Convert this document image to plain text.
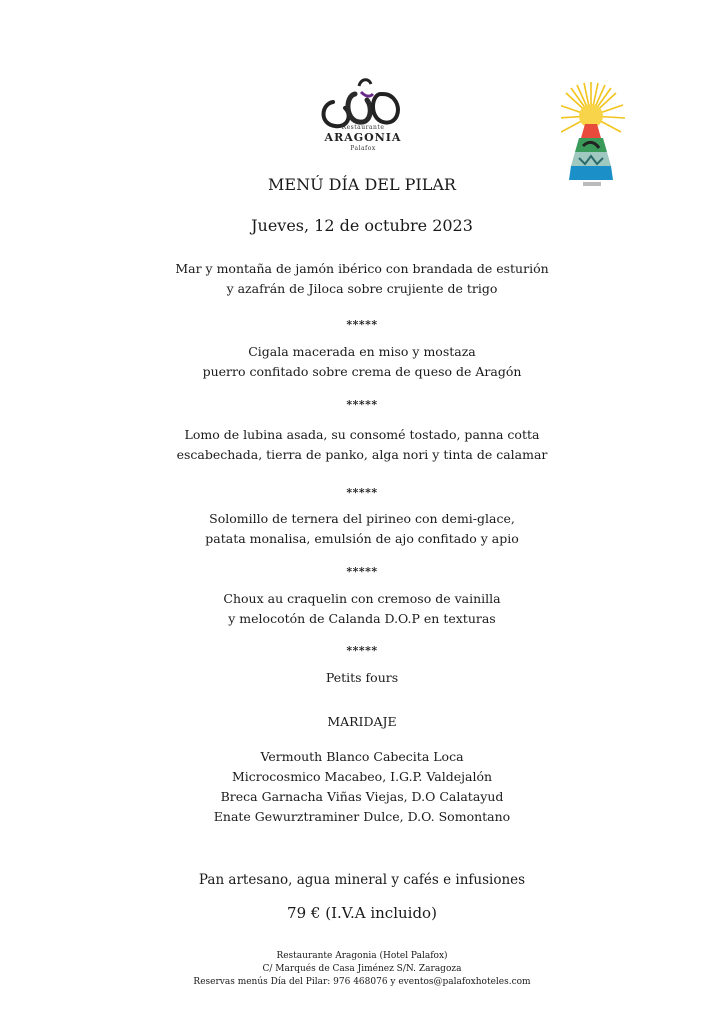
Restaurante
ARAGONIA
Palafox
MENÚ DÍA DEL PILAR
Jueves, 12 de octubre 2023
Mar y montaña de jamón ibérico con brandada de esturión
y azafrán de Jiloca sobre crujiente de trigo
*****
Cigala macerada en miso y mostaza
puerro confitado sobre crema de queso de Aragón
*****
Lomo de lubina asada, su consomé tostado, panna cotta
escabechada, tierra de panko, alga nori y tinta de calamar
*****
Solomillo de ternera del pirineo con demi-glace,
patata monalisa, emulsión de ajo confitado y apio
*****
Choux au craquelin con cremoso de vainilla
y melocotón de Calanda D.O.P en texturas
*****
Petits fours
MARIDAJE
Vermouth Blanco Cabecita Loca
Microcosmico Macabeo, I.G.P. Valdejalón
Breca Garnacha Viñas Viejas, D.O Calatayud
Enate Gewurztraminer Dulce, D.O. Somontano
Pan artesano, agua mineral y cafés e infusiones
79 € (I.V.A incluido)
Restaurante Aragonia (Hotel Palafox)
C/ Marqués de Casa Jiménez S/N. Zaragoza
Reservas menús Día del Pilar: 976 468076 y eventos@palafoxhoteles.com
